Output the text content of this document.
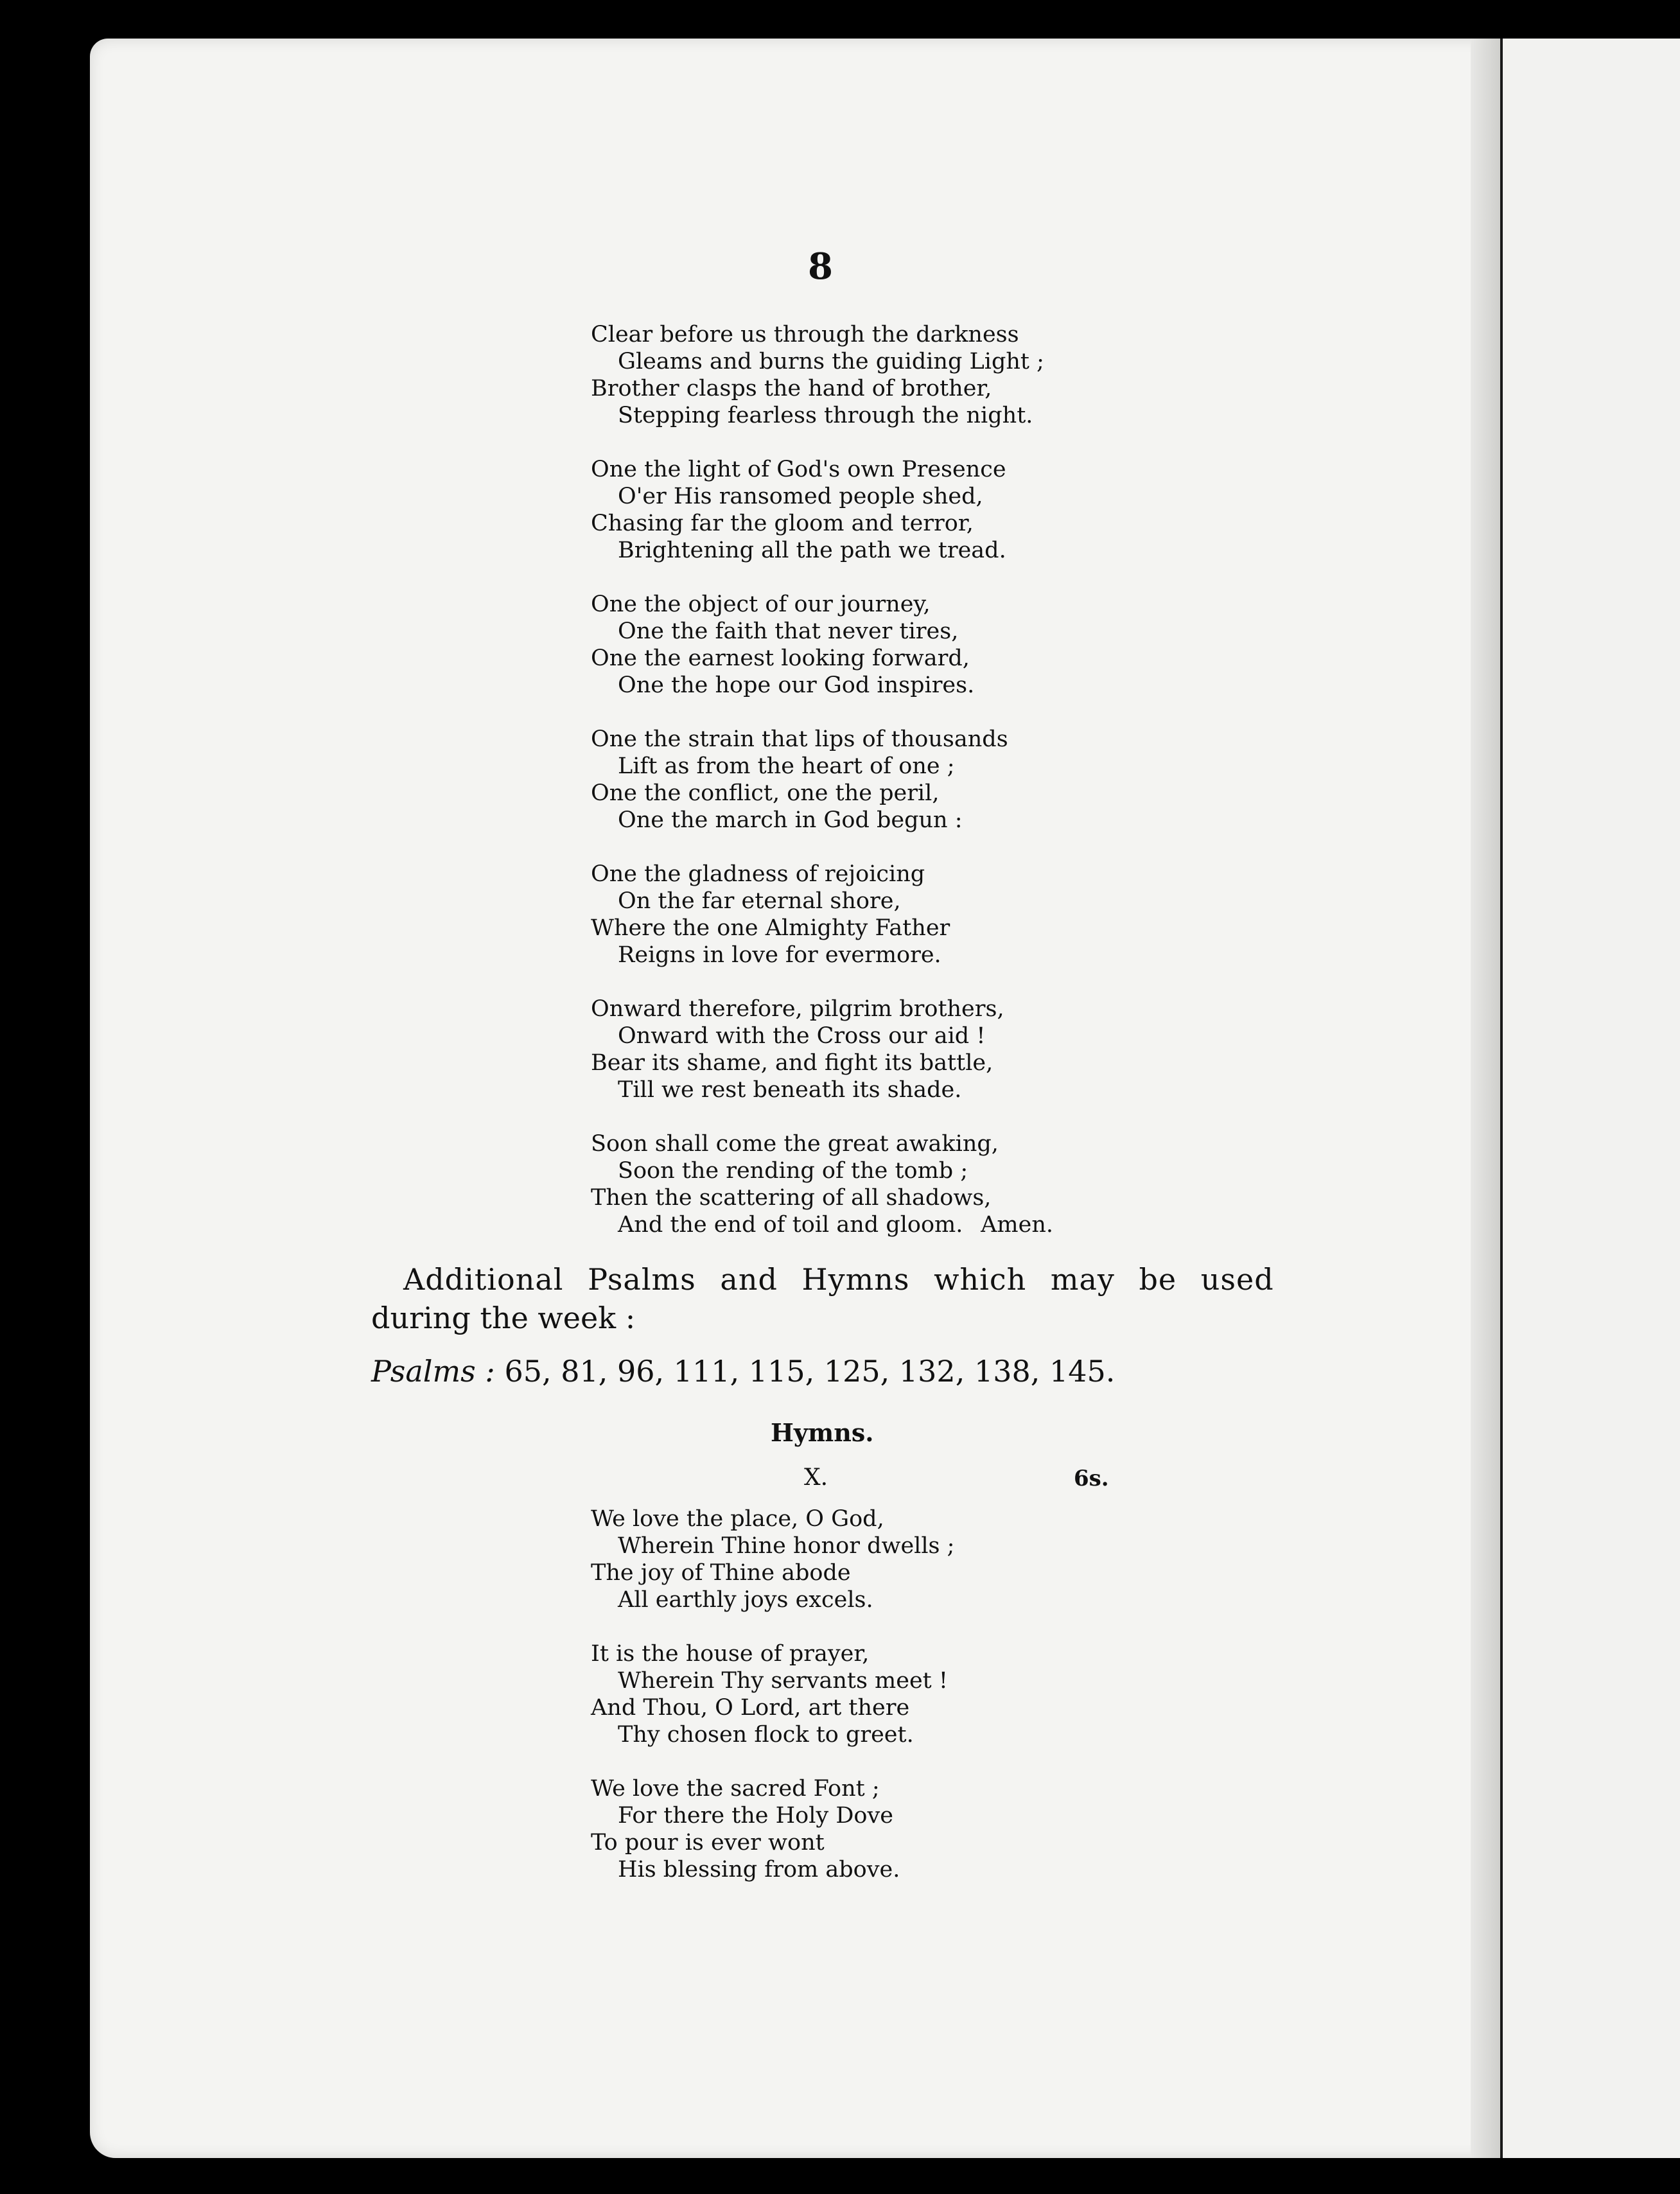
8
Clear before us through the darkness
Gleams and burns the guiding Light ;
Brother clasps the hand of brother,
Stepping fearless through the night.
One the light of God's own Presence
O'er His ransomed people shed,
Chasing far the gloom and terror,
Brightening all the path we tread.
One the object of our journey,
One the faith that never tires,
One the earnest looking forward,
One the hope our God inspires.
One the strain that lips of thousands
Lift as from the heart of one ;
One the conflict, one the peril,
One the march in God begun :
One the gladness of rejoicing
On the far eternal shore,
Where the one Almighty Father
Reigns in love for evermore.
Onward therefore, pilgrim brothers,
Onward with the Cross our aid !
Bear its shame, and fight its battle,
Till we rest beneath its shade.
Soon shall come the great awaking,
Soon the rending of the tomb ;
Then the scattering of all shadows,
And the end of toil and gloom. Amen.
Additional Psalms and Hymns which may be used
during the week :
Psalms : 65, 81, 96, 111, 115, 125, 132, 138, 145.
Hymns.
X.	6s.
We love the place, O God,
Wherein Thine honor dwells ;
The joy of Thine abode
All earthly joys excels.
It is the house of prayer,
Wherein Thy servants meet !
And Thou, O Lord, art there
Thy chosen flock to greet.
We love the sacred Font ;
For there the Holy Dove
To pour is ever wont
His blessing from above.
